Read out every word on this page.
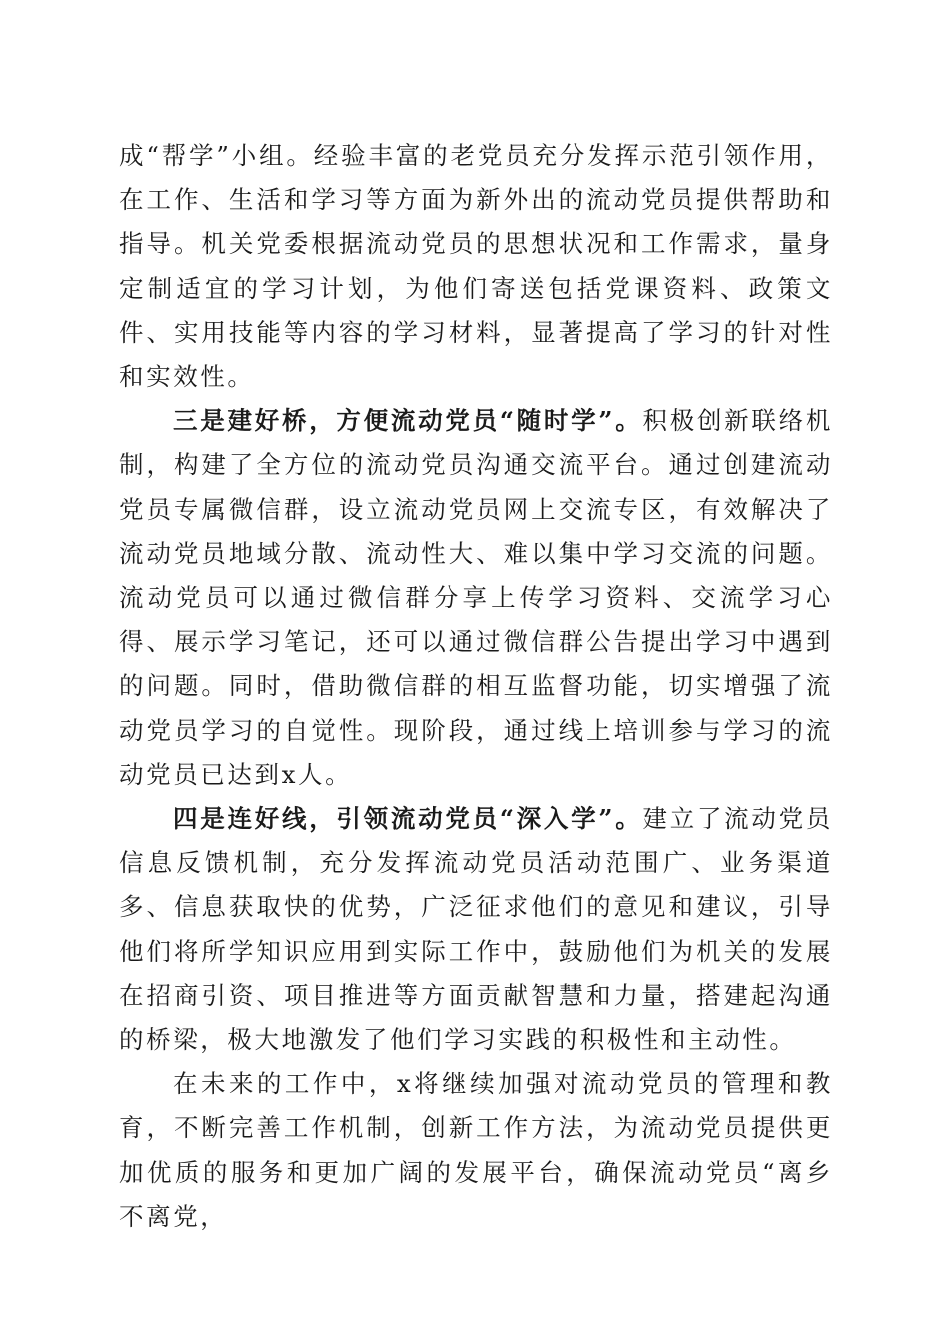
成“帮学”小组。经验丰富的老党员充分发挥示范引领作用，在工作、生活和学习等方面为新外出的流动党员提供帮助和指导。机关党委根据流动党员的思想状况和工作需求，量身定制适宜的学习计划，为他们寄送包括党课资料、政策文件、实用技能等内容的学习材料，显著提高了学习的针对性和实效性。

三是建好桥，方便流动党员“随时学”。积极创新联络机制，构建了全方位的流动党员沟通交流平台。通过创建流动党员专属微信群，设立流动党员网上交流专区，有效解决了流动党员地域分散、流动性大、难以集中学习交流的问题。流动党员可以通过微信群分享上传学习资料、交流学习心得、展示学习笔记，还可以通过微信群公告提出学习中遇到的问题。同时，借助微信群的相互监督功能，切实增强了流动党员学习的自觉性。现阶段，通过线上培训参与学习的流动党员已达到x人。

四是连好线，引领流动党员“深入学”。建立了流动党员信息反馈机制，充分发挥流动党员活动范围广、业务渠道多、信息获取快的优势，广泛征求他们的意见和建议，引导他们将所学知识应用到实际工作中，鼓励他们为机关的发展在招商引资、项目推进等方面贡献智慧和力量，搭建起沟通的桥梁，极大地激发了他们学习实践的积极性和主动性。

在未来的工作中，x将继续加强对流动党员的管理和教育，不断完善工作机制，创新工作方法，为流动党员提供更加优质的服务和更加广阔的发展平台，确保流动党员“离乡不离党，
